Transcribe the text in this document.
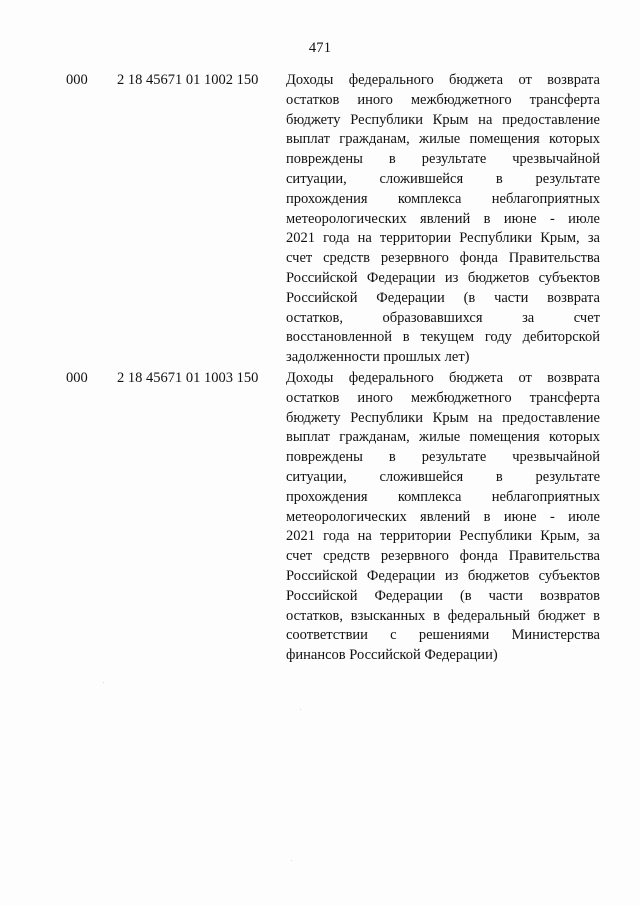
471
000 2 18 45671 01 1002 150 Доходы федерального бюджета от возврата
остатков иного межбюджетного трансферта
бюджету Республики Крым на предоставление
выплат гражданам, жилые помещения которых
повреждены в результате чрезвычайной
ситуации, сложившейся в результате
прохождения комплекса неблагоприятных
метеорологических явлений в июне - июле
2021 года на территории Республики Крым, за
счет средств резервного фонда Правительства
Российской Федерации из бюджетов субъектов
Российской Федерации (в части возврата
остатков, образовавшихся за счет
восстановленной в текущем году дебиторской
задолженности прошлых лет)
000 2 18 45671 01 1003 150 Доходы федерального бюджета от возврата
остатков иного межбюджетного трансферта
бюджету Республики Крым на предоставление
выплат гражданам, жилые помещения которых
повреждены в результате чрезвычайной
ситуации, сложившейся в результате
прохождения комплекса неблагоприятных
метеорологических явлений в июне - июле
2021 года на территории Республики Крым, за
счет средств резервного фонда Правительства
Российской Федерации из бюджетов субъектов
Российской Федерации (в части возвратов
остатков, взысканных в федеральный бюджет в
соответствии с решениями Министерства
финансов Российской Федерации)
